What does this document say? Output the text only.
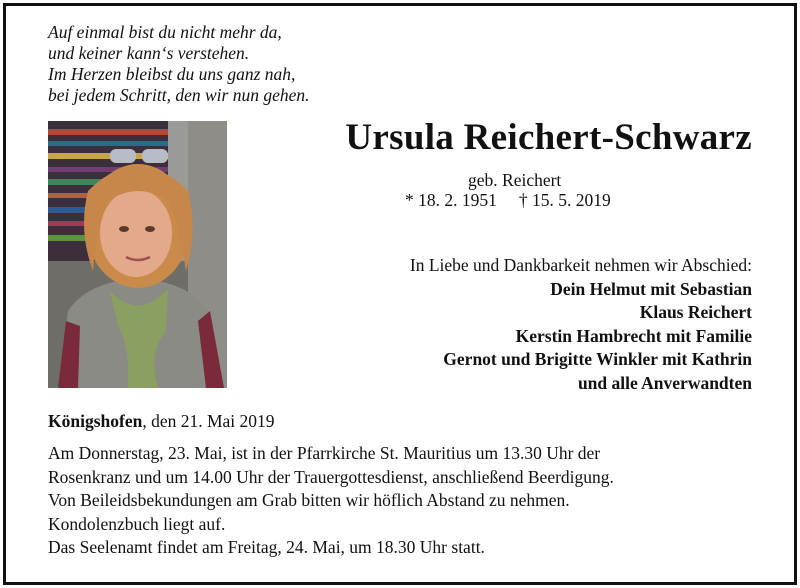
Auf einmal bist du nicht mehr da,
und keiner kann‘s verstehen.
Im Herzen bleibst du uns ganz nah,
bei jedem Schritt, den wir nun gehen.
Ursula Reichert-Schwarz
geb. Reichert
* 18. 2. 1951 † 15. 5. 2019
In Liebe und Dankbarkeit nehmen wir Abschied:
Dein Helmut mit Sebastian
Klaus Reichert
Kerstin Hambrecht mit Familie
Gernot und Brigitte Winkler mit Kathrin
und alle Anverwandten
Königshofen, den 21. Mai 2019
Am Donnerstag, 23. Mai, ist in der Pfarrkirche St. Mauritius um 13.30 Uhr der
Rosenkranz und um 14.00 Uhr der Trauergottesdienst, anschließend Beerdigung.
Von Beileidsbekundungen am Grab bitten wir höflich Abstand zu nehmen.
Kondolenzbuch liegt auf.
Das Seelenamt findet am Freitag, 24. Mai, um 18.30 Uhr statt.
